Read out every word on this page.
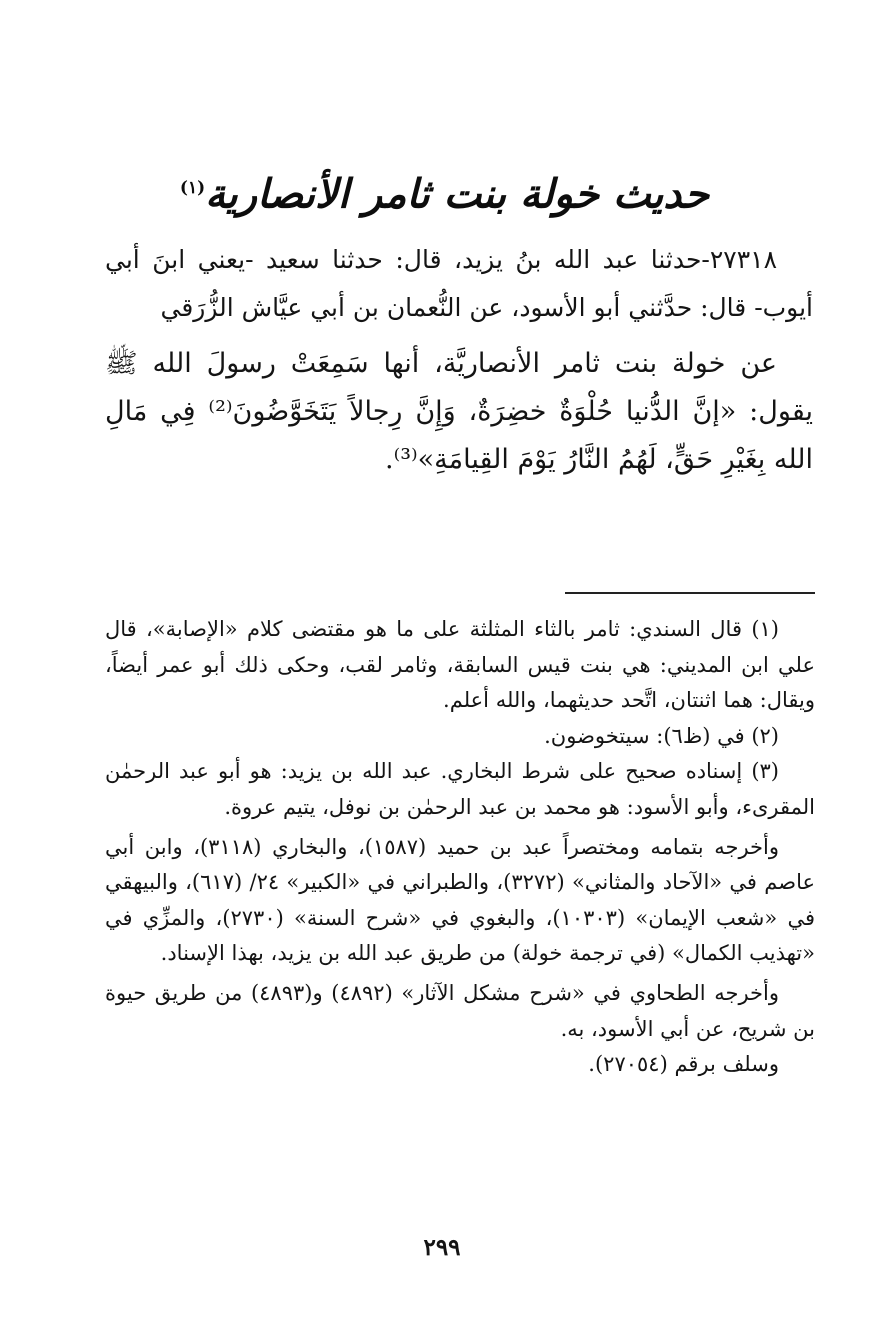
حديث خولة بنت ثامر الأنصارية$^{(١)}$

٢٧٣١٨-حدثنا عبد الله بنُ يزيد، قال: حدثنا سعيد -يعني ابنَ أبي أيوب- قال: حدَّثني أبو الأسود، عن النُّعمان بن أبي عيَّاش الزُّرَقي

عن خولة بنت ثامر الأنصاريَّة، أنها سَمِعَتْ رسولَ الله ﷺ يقول: «إنَّ الدُّنيا حُلْوَةٌ خضِرَةٌ، وَإِنَّ رِجالاً يَتَخَوَّضُونَ⁽²⁾ فِي مَالِ الله بِغَيْرِ حَقٍّ، لَهُمُ النَّارُ يَوْمَ القِيامَةِ»⁽³⁾.

(١) قال السندي: ثامر بالثاء المثلثة على ما هو مقتضى كلام «الإصابة»، قال علي ابن المديني: هي بنت قيس السابقة، وثامر لقب، وحكى ذلك أبو عمر أيضاً، ويقال: هما اثنتان، اتَّحد حديثهما، والله أعلم.

(٢) في (ظ٦): سيتخوضون.

(٣) إسناده صحيح على شرط البخاري. عبد الله بن يزيد: هو أبو عبد الرحمٰن المقرىء، وأبو الأسود: هو محمد بن عبد الرحمٰن بن نوفل، يتيم عروة.

وأخرجه بتمامه ومختصراً عبد بن حميد (١٥٨٧)، والبخاري (٣١١٨)، وابن أبي عاصم في «الآحاد والمثاني» (٣٢٧٢)، والطبراني في «الكبير» ٢٤/ (٦١٧)، والبيهقي في «شعب الإيمان» (١٠٣٠٣)، والبغوي في «شرح السنة» (٢٧٣٠)، والمزِّي في «تهذيب الكمال» (في ترجمة خولة) من طريق عبد الله بن يزيد، بهذا الإسناد.

وأخرجه الطحاوي في «شرح مشكل الآثار» (٤٨٩٢) و(٤٨٩٣) من طريق حيوة بن شريح، عن أبي الأسود، به.

وسلف برقم (٢٧٠٥٤).

٢٩٩
